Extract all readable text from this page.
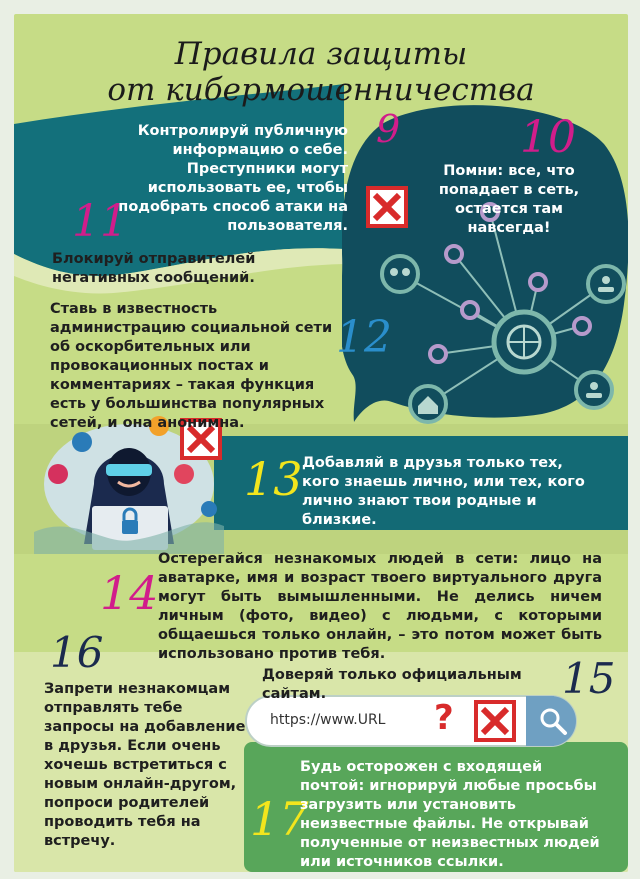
Правила защиты
от кибермошенничества
Контролируй публичную информацию о себе. Преступники могут использовать ее, чтобы подобрать способ атаки на пользователя.
9	10
Помни: все, что попадает в сеть, остается там навсегда!
11
Блокируй отправителей негативных сообщений.
Ставь в известность администрацию социальной сети об оскорбительных или провокационных постах и комментариях – такая функция есть у большинства популярных сетей, и она анонимна.
12
13 Добавляй в друзья только тех, кого знаешь лично, или тех, кого лично знают твои родные и близкие.
14
Остерегайся незнакомых людей в сети: лицо на аватарке, имя и возраст твоего виртуального друга могут быть вымышленными. Не делись ничем личным (фото, видео) с людьми, с которыми общаешься только онлайн, – это потом может быть использовано против тебя.
16
Запрети незнакомцам отправлять тебе запросы на добавление в друзья. Если очень хочешь встретиться с новым онлайн-другом, попроси родителей проводить тебя на встречу.
Доверяй только официальным сайтам.	15
https://www.URL ?
17
Будь осторожен с входящей почтой: игнорируй любые просьбы загрузить или установить неизвестные файлы. Не открывай полученные от неизвестных людей или источников ссылки.
